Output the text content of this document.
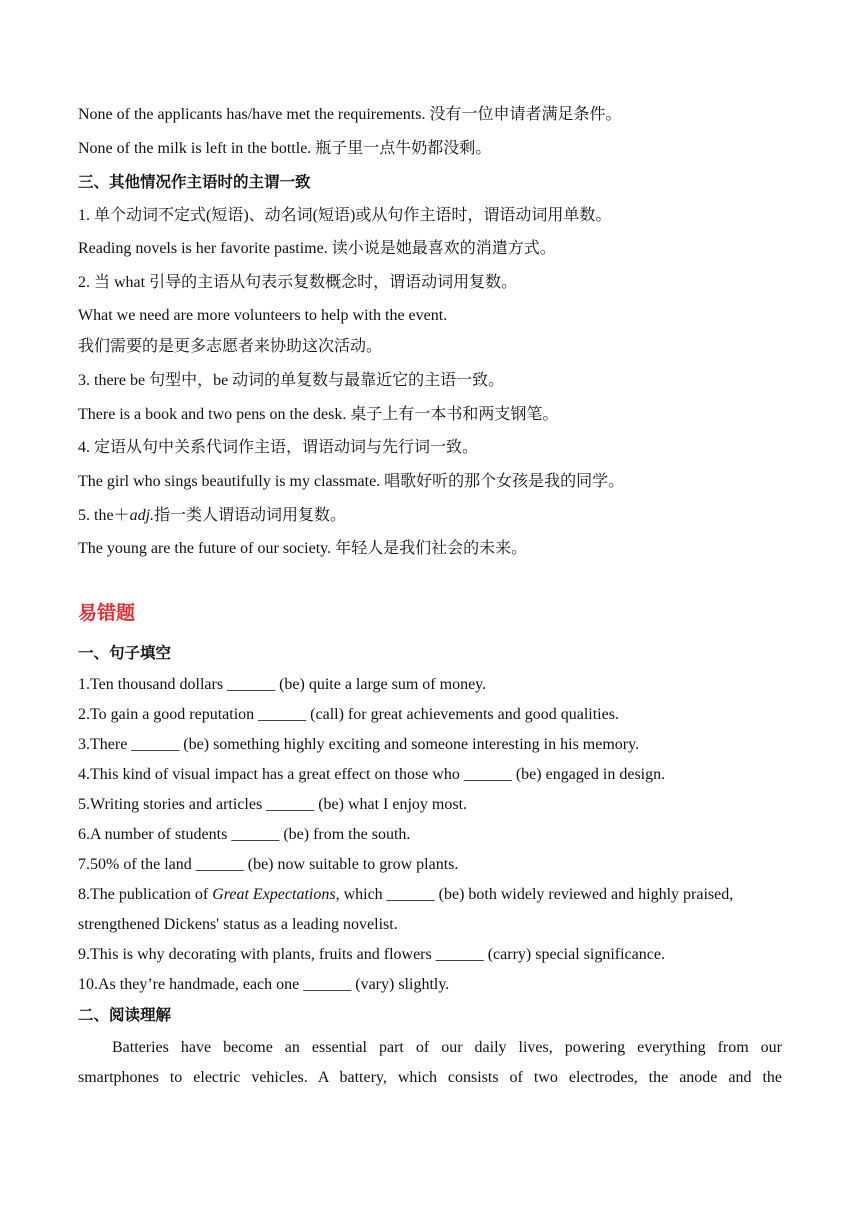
None of the applicants has/have met the requirements. 没有一位申请者满足条件。
None of the milk is left in the bottle. 瓶子里一点牛奶都没剩。
三、其他情况作主语时的主谓一致
1. 单个动词不定式(短语)、动名词(短语)或从句作主语时，谓语动词用单数。
Reading novels is her favorite pastime. 读小说是她最喜欢的消遣方式。
2. 当 what 引导的主语从句表示复数概念时，谓语动词用复数。
What we need are more volunteers to help with the event.
我们需要的是更多志愿者来协助这次活动。
3. there be 句型中，be 动词的单复数与最靠近它的主语一致。
There is a book and two pens on the desk. 桌子上有一本书和两支钢笔。
4. 定语从句中关系代词作主语，谓语动词与先行词一致。
The girl who sings beautifully is my classmate. 唱歌好听的那个女孩是我的同学。
5. the＋adj.指一类人谓语动词用复数。
The young are the future of our society. 年轻人是我们社会的未来。
易错题
一、句子填空
1.Ten thousand dollars ______ (be) quite a large sum of money.
2.To gain a good reputation ______ (call) for great achievements and good qualities.
3.There ______ (be) something highly exciting and someone interesting in his memory.
4.This kind of visual impact has a great effect on those who ______ (be) engaged in design.
5.Writing stories and articles ______ (be) what I enjoy most.
6.A number of students ______ (be) from the south.
7.50% of the land ______ (be) now suitable to grow plants.
8.The publication of Great Expectations, which ______ (be) both widely reviewed and highly praised,
strengthened Dickens' status as a leading novelist.
9.This is why decorating with plants, fruits and flowers ______ (carry) special significance.
10.As they’re handmade, each one ______ (vary) slightly.
二、阅读理解
Batteries have become an essential part of our daily lives, powering everything from our
smartphones to electric vehicles. A battery, which consists of two electrodes, the anode and the
